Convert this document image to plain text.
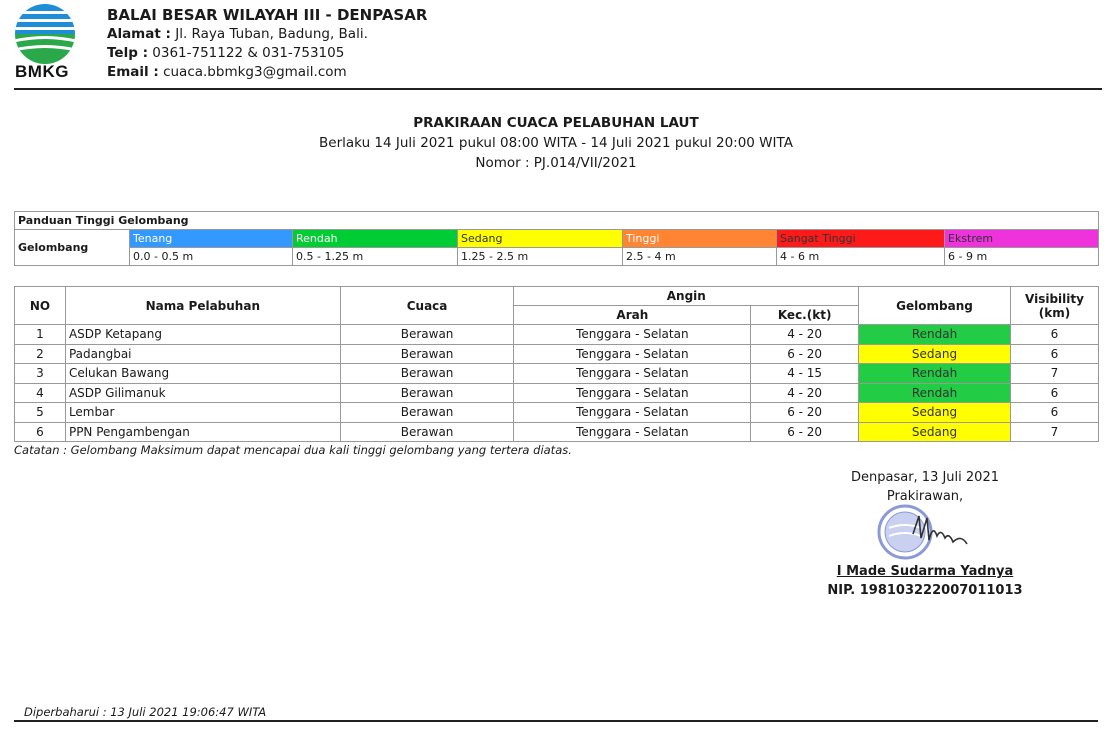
BMKG
BALAI BESAR WILAYAH III - DENPASAR
Alamat : Jl. Raya Tuban, Badung, Bali.
Telp : 0361-751122 & 031-753105
Email : cuaca.bbmkg3@gmail.com
PRAKIRAAN CUACA PELABUHAN LAUT
Berlaku 14 Juli 2021 pukul 08:00 WITA - 14 Juli 2021 pukul 20:00 WITA
Nomor : PJ.014/VII/2021
Panduan Tinggi Gelombang						
Gelombang	Tenang	Rendah	Sedang	Tinggi	Sangat Tinggi	Ekstrem
	0.0 - 0.5 m	0.5 - 1.25 m	1.25 - 2.5 m	2.5 - 4 m	4 - 6 m	6 - 9 m
NO	Nama Pelabuhan	Cuaca	Angin		Gelombang	Visibility (km)
			Arah	Kec.(kt)		
1	ASDP Ketapang	Berawan	Tenggara - Selatan	4 - 20	Rendah	6
2	Padangbai	Berawan	Tenggara - Selatan	6 - 20	Sedang	6
3	Celukan Bawang	Berawan	Tenggara - Selatan	4 - 15	Rendah	7
4	ASDP Gilimanuk	Berawan	Tenggara - Selatan	4 - 20	Rendah	6
5	Lembar	Berawan	Tenggara - Selatan	6 - 20	Sedang	6
6	PPN Pengambengan	Berawan	Tenggara - Selatan	6 - 20	Sedang	7
Catatan : Gelombang Maksimum dapat mencapai dua kali tinggi gelombang yang tertera diatas.
Denpasar, 13 Juli 2021
Prakirawan,
I Made Sudarma Yadnya
NIP. 198103222007011013
Diperbaharui : 13 Juli 2021 19:06:47 WITA
